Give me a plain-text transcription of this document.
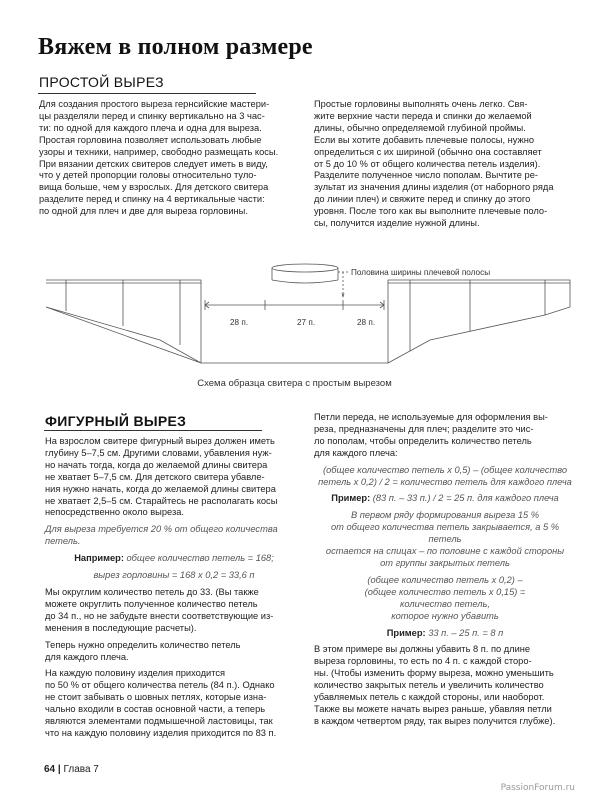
Вяжем в полном размере
ПРОСТОЙ ВЫРЕЗ
Для создания простого выреза гернсийские мастери-
цы разделяли перед и спинку вертикально на 3 час-
ти: по одной для каждого плеча и одна для выреза.
Простая горловина позволяет использовать любые
узоры и техники, например, свободно размещать косы.
При вязании детских свитеров следует иметь в виду,
что у детей пропорции головы относительно тулo-
вища больше, чем у взрослых. Для детского свитера
разделите перед и спинку на 4 вертикальные части:
по одной для плеч и две для выреза горловины.
Простые горловины выполнять очень легко. Свя-
жите верхние части переда и спинки до желаемой
длины, обычно определяемой глубиной проймы.
Если вы хотите добавить плечевые полосы, нужно
определиться с их шириной (обычно она составляет
от 5 до 10 % от общего количества петель изделия).
Разделите полученное число пополам. Вычтите ре-
зультат из значения длины изделия (от наборного ряда
до линии плеч) и свяжите перед и спинку до этого
уровня. После того как вы выполните плечевые поло-
сы, получится изделие нужной длины.
Половина ширины плечевой полосы
28 п.	27 п.	28 п.
Схема образца свитера с простым вырезом
ФИГУРНЫЙ ВЫРЕЗ

На взрослом свитере фигурный вырез должен иметь
глубину 5–7,5 см. Другими словами, убавления нуж-
но начать тогда, когда до желаемой длины свитера
не хватает 5–7,5 см. Для детского свитера убавле-
ния нужно начать, когда до желаемой длины свитера
не хватает 2,5–5 см. Старайтесь не располагать косы
непосредственно около выреза.

Для выреза требуется 20 % от общего количества петель.

Например: общее количество петель = 168;

вырез горловины = 168 х 0,2 = 33,6 п

Мы округлим количество петель до 33. (Вы также
можете округлить полученное количество петель
до 34 п., но не забудьте внести соответствующие из-
менения в последующие расчеты).

Теперь нужно определить количество петель
для каждого плеча.

На каждую половину изделия приходится
по 50 % от общего количества петель (84 п.). Однако
не стоит забывать о шовных петлях, которые изна-
чально входили в состав основной части, а теперь
являются элементами подмышечной ластовицы, так
что на каждую половину изделия приходится по 83 п.

Петли переда, не используемые для оформления вы-
реза, предназначены для плеч; разделите это чис-
ло пополам, чтобы определить количество петель
для каждого плеча:

(общее количество петель х 0,5) – (общее количество
петель х 0,2) / 2 = количество петель для каждого плеча

Пример: (83 п. – 33 п.) / 2 = 25 п. для каждого плеча

В первом ряду формирования выреза 15 %
от общего количества петель закрывается, а 5 % петель
остается на спицах – по половине с каждой стороны
от группы закрытых петель

(общее количество петель х 0,2) –
(общее количество петель х 0,15) =
количество петель,
которое нужно убавить

Пример: 33 п. – 25 п. = 8 п

В этом примере вы должны убавить 8 п. по длине
выреза горловины, то есть по 4 п. с каждой сторо-
ны. (Чтобы изменить форму выреза, можно уменьшить
количество закрытых петель и увеличить количество
убавляемых петель с каждой стороны, или наоборот.
Также вы можете начать вырез раньше, убавляя петли
в каждом четвертом ряду, так вырез получится глубже).

64 | Глава 7
PassionForum.ru
